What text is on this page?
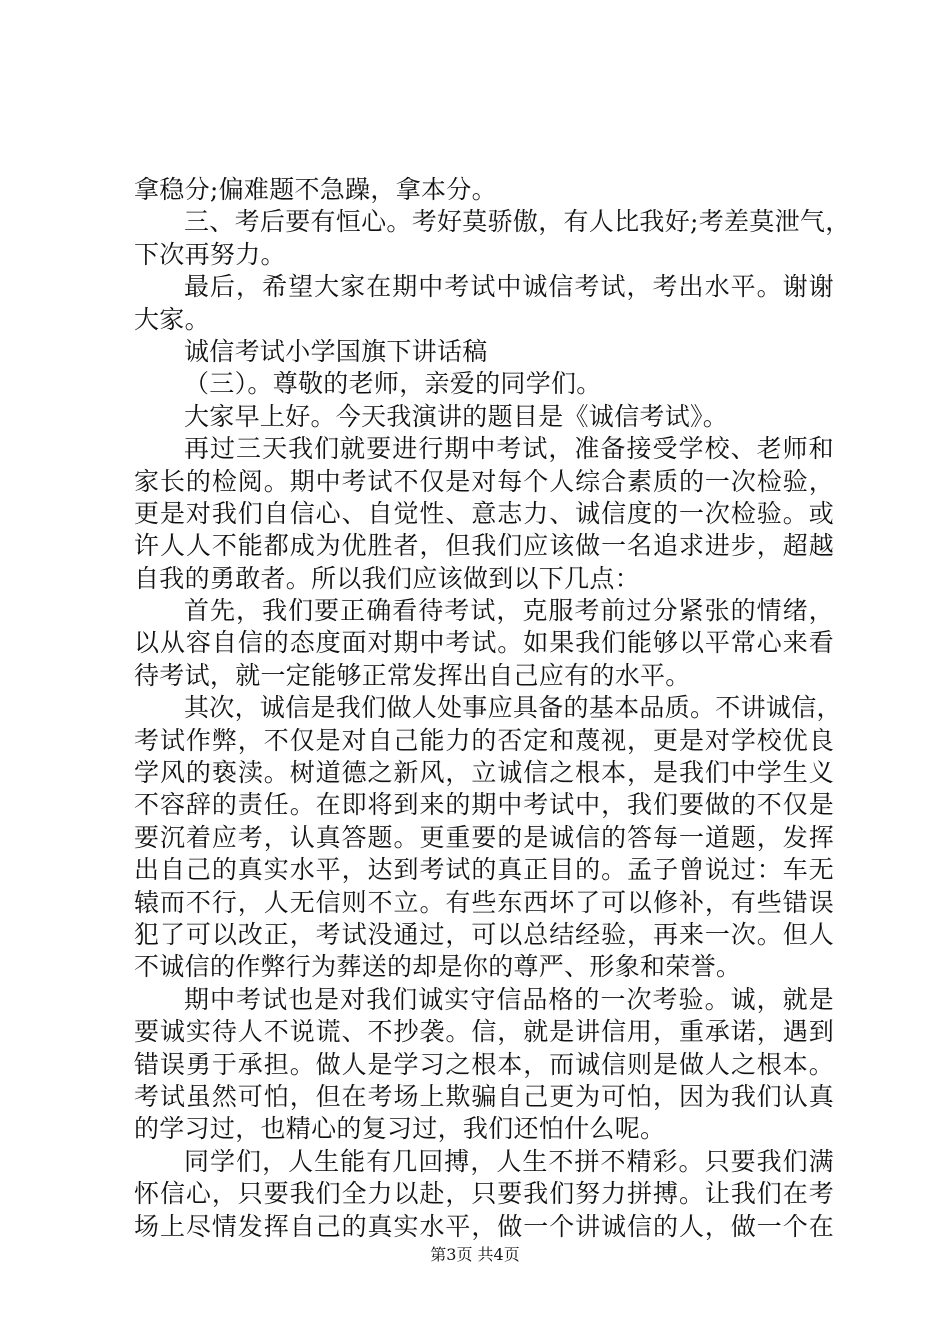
拿稳分;偏难题不急躁，拿本分。
三、考后要有恒心。考好莫骄傲，有人比我好;考差莫泄气，
下次再努力。
最后，希望大家在期中考试中诚信考试，考出水平。谢谢
大家。
诚信考试小学国旗下讲话稿
（三）。尊敬的老师，亲爱的同学们。
大家早上好。今天我演讲的题目是《诚信考试》。
再过三天我们就要进行期中考试，准备接受学校、老师和
家长的检阅。期中考试不仅是对每个人综合素质的一次检验，
更是对我们自信心、自觉性、意志力、诚信度的一次检验。或
许人人不能都成为优胜者，但我们应该做一名追求进步，超越
自我的勇敢者。所以我们应该做到以下几点：
首先，我们要正确看待考试，克服考前过分紧张的情绪，
以从容自信的态度面对期中考试。如果我们能够以平常心来看
待考试，就一定能够正常发挥出自己应有的水平。
其次，诚信是我们做人处事应具备的基本品质。不讲诚信，
考试作弊，不仅是对自己能力的否定和蔑视，更是对学校优良
学风的亵渎。树道德之新风，立诚信之根本，是我们中学生义
不容辞的责任。在即将到来的期中考试中，我们要做的不仅是
要沉着应考，认真答题。更重要的是诚信的答每一道题，发挥
出自己的真实水平，达到考试的真正目的。孟子曾说过：车无
辕而不行，人无信则不立。有些东西坏了可以修补，有些错误
犯了可以改正，考试没通过，可以总结经验，再来一次。但人
不诚信的作弊行为葬送的却是你的尊严、形象和荣誉。
期中考试也是对我们诚实守信品格的一次考验。诚，就是
要诚实待人不说谎、不抄袭。信，就是讲信用，重承诺，遇到
错误勇于承担。做人是学习之根本，而诚信则是做人之根本。
考试虽然可怕，但在考场上欺骗自己更为可怕，因为我们认真
的学习过，也精心的复习过，我们还怕什么呢。
同学们，人生能有几回搏，人生不拼不精彩。只要我们满
怀信心，只要我们全力以赴，只要我们努力拼搏。让我们在考
场上尽情发挥自己的真实水平，做一个讲诚信的人，做一个在
第3页 共4页
